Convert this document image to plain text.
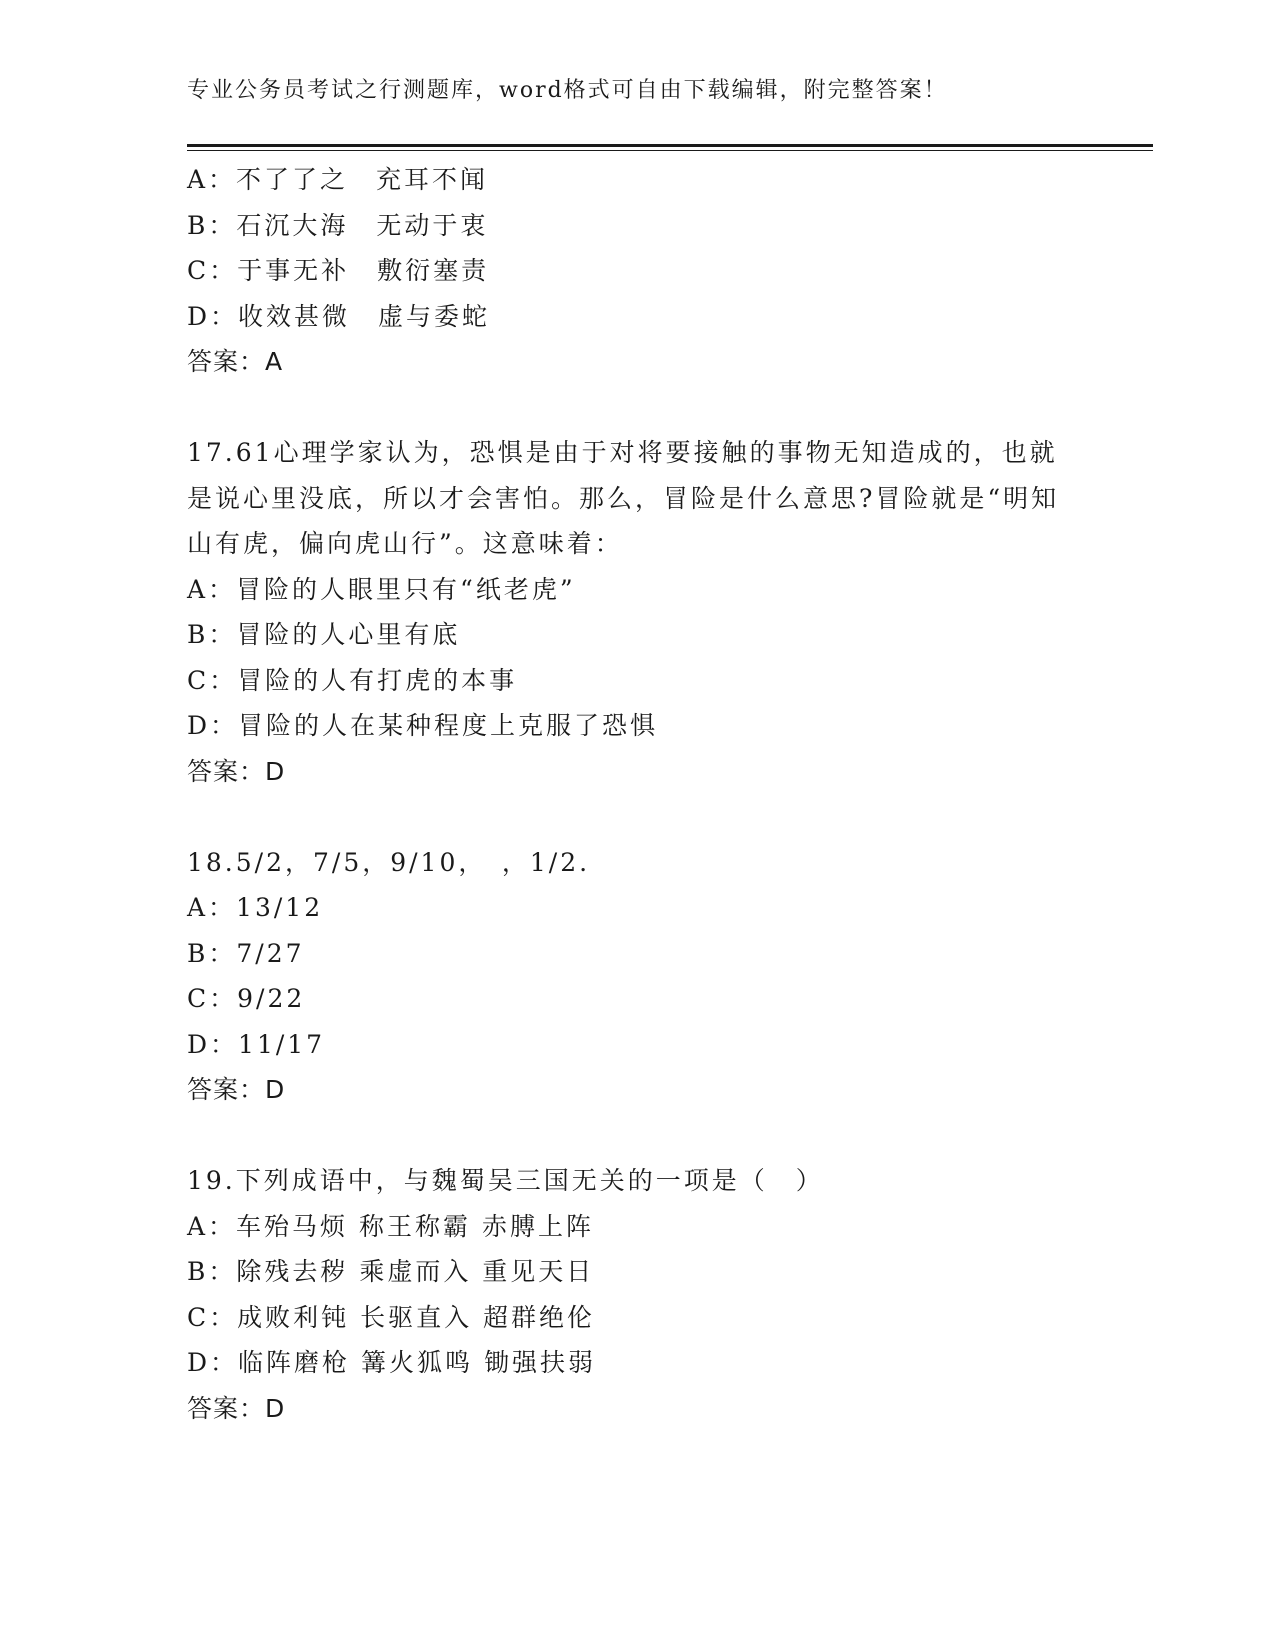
专业公务员考试之行测题库，word格式可自由下载编辑，附完整答案！
A：不了了之　充耳不闻
B：石沉大海　无动于衷
C：于事无补　敷衍塞责
D：收效甚微　虚与委蛇
答案：A
17.61心理学家认为，恐惧是由于对将要接触的事物无知造成的，也就是说心里没底，所以才会害怕。那么，冒险是什么意思?冒险就是“明知山有虎，偏向虎山行”。这意味着：
A：冒险的人眼里只有“纸老虎”
B：冒险的人心里有底
C：冒险的人有打虎的本事
D：冒险的人在某种程度上克服了恐惧
答案：D
18.5/2，7/5，9/10，　，1/2.
A：13/12
B：7/27
C：9/22
D：11/17
答案：D
19.下列成语中，与魏蜀吴三国无关的一项是（　）
A：车殆马烦 称王称霸 赤膊上阵
B：除残去秽 乘虚而入 重见天日
C：成败利钝 长驱直入 超群绝伦
D：临阵磨枪 篝火狐鸣 锄强扶弱
答案：D
